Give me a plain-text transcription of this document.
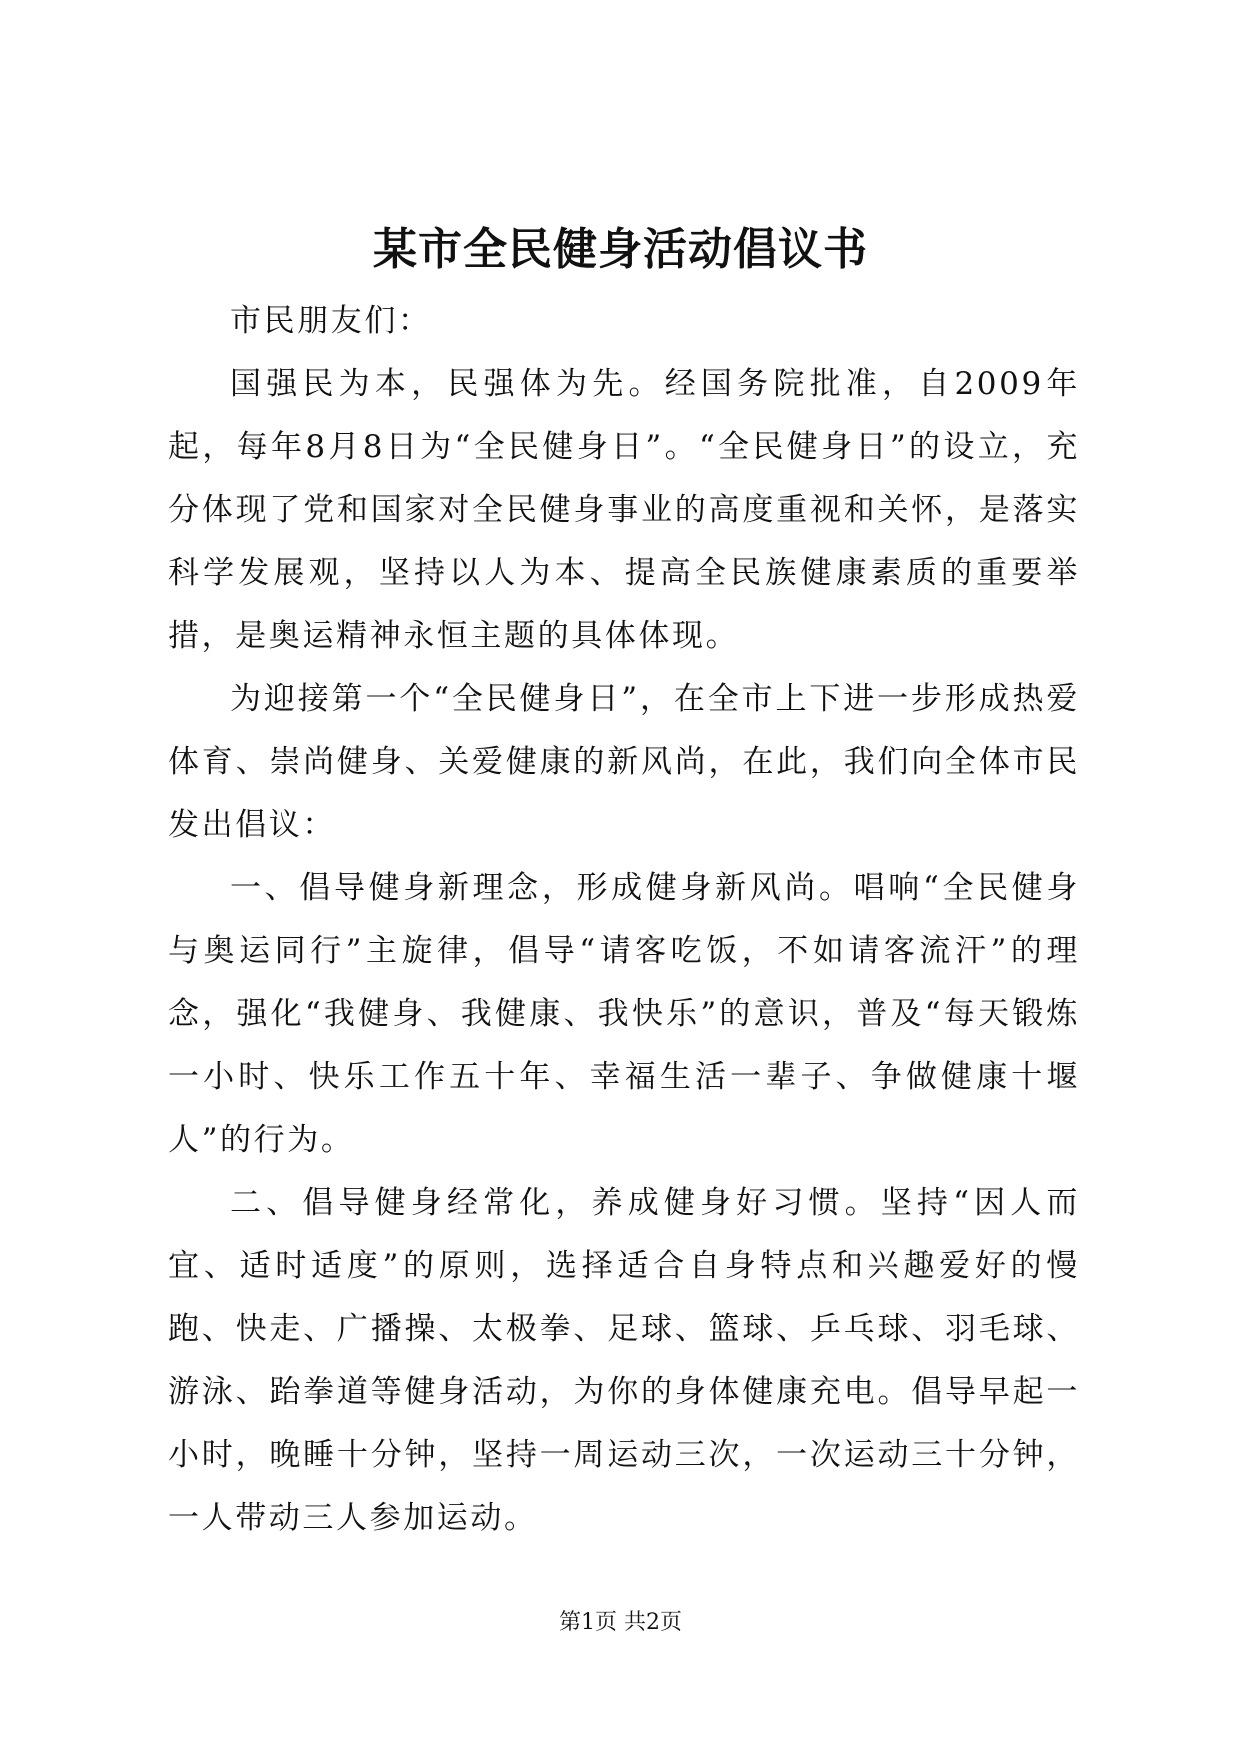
某市全民健身活动倡议书

市民朋友们：

国强民为本，民强体为先。经国务院批准，自2009年起，每年8月8日为“全民健身日”。“全民健身日”的设立，充分体现了党和国家对全民健身事业的高度重视和关怀，是落实科学发展观，坚持以人为本、提高全民族健康素质的重要举措，是奥运精神永恒主题的具体体现。

为迎接第一个“全民健身日”，在全市上下进一步形成热爱体育、崇尚健身、关爱健康的新风尚，在此，我们向全体市民发出倡议：

一、倡导健身新理念，形成健身新风尚。唱响“全民健身与奥运同行”主旋律，倡导“请客吃饭，不如请客流汗”的理念，强化“我健身、我健康、我快乐”的意识，普及“每天锻炼一小时、快乐工作五十年、幸福生活一辈子、争做健康十堰人”的行为。

二、倡导健身经常化，养成健身好习惯。坚持“因人而宜、适时适度”的原则，选择适合自身特点和兴趣爱好的慢跑、快走、广播操、太极拳、足球、篮球、乒乓球、羽毛球、游泳、跆拳道等健身活动，为你的身体健康充电。倡导早起一小时，晚睡十分钟，坚持一周运动三次，一次运动三十分钟，一人带动三人参加运动。

第1页 共2页
